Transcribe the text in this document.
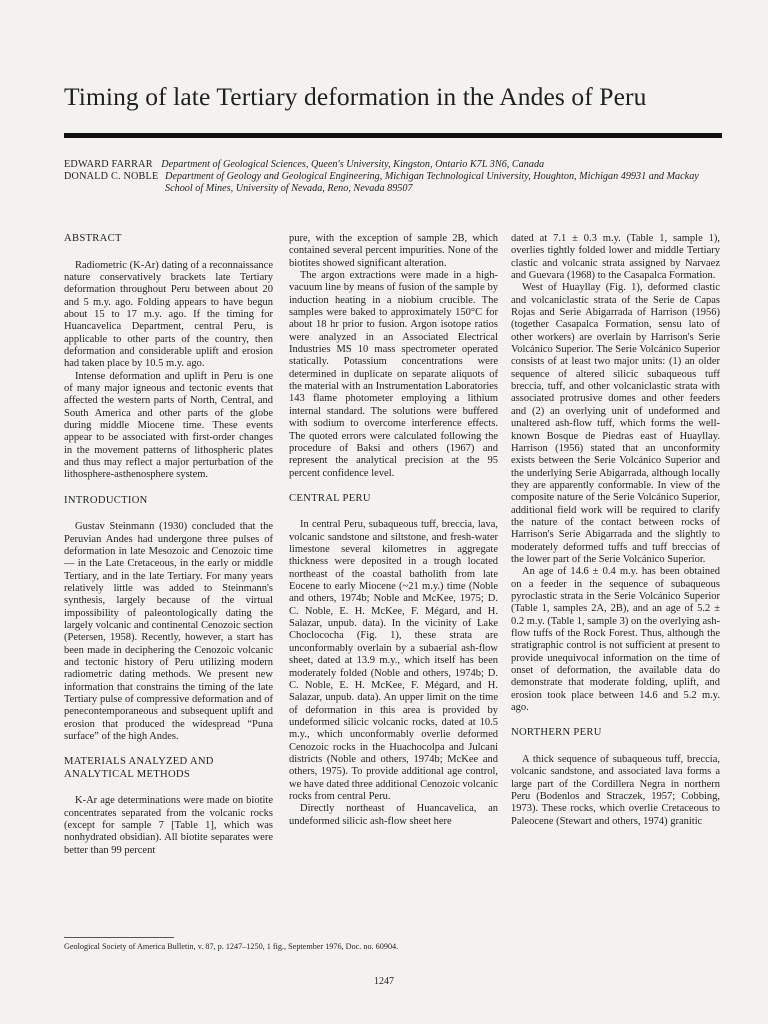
Timing of late Tertiary deformation in the Andes of Peru

EDWARD FARRAR Department of Geological Sciences, Queen's University, Kingston, Ontario K7L 3N6, Canada

DONALD C. NOBLE Department of Geology and Geological Engineering, Michigan Technological University, Houghton, Michigan 49931 and Mackay School of Mines, University of Nevada, Reno, Nevada 89507

ABSTRACT

Radiometric (K-Ar) dating of a reconnaissance nature conservatively brackets late Tertiary deformation throughout Peru between about 20 and 5 m.y. ago. Folding appears to have begun about 15 to 17 m.y. ago. If the timing for Huancavelica Department, central Peru, is applicable to other parts of the country, then deformation and considerable uplift and erosion had taken place by 10.5 m.y. ago.

Intense deformation and uplift in Peru is one of many major igneous and tectonic events that affected the western parts of North, Central, and South America and other parts of the globe during middle Miocene time. These events appear to be associated with first-order changes in the movement patterns of lithospheric plates and thus may reflect a major perturbation of the lithosphere-asthenosphere system.

INTRODUCTION

Gustav Steinmann (1930) concluded that the Peruvian Andes had undergone three pulses of deformation in late Mesozoic and Cenozoic time — in the Late Cretaceous, in the early or middle Tertiary, and in the late Tertiary. For many years relatively little was added to Steinmann's synthesis, largely because of the virtual impossibility of paleontologically dating the largely volcanic and continental Cenozoic section (Petersen, 1958). Recently, however, a start has been made in deciphering the Cenozoic volcanic and tectonic history of Peru utilizing modern radiometric dating methods. We present new information that constrains the timing of the late Tertiary pulse of compressive deformation and of penecontemporaneous and subsequent uplift and erosion that produced the widespread “Puna surface” of the high Andes.

MATERIALS ANALYZED AND ANALYTICAL METHODS

K-Ar age determinations were made on biotite concentrates separated from the volcanic rocks (except for sample 7 [Table 1], which was nonhydrated obsidian). All biotite separates were better than 99 percent

pure, with the exception of sample 2B, which contained several percent impurities. None of the biotites showed significant alteration.

The argon extractions were made in a high-vacuum line by means of fusion of the sample by induction heating in a niobium crucible. The samples were baked to approximately 150°C for about 18 hr prior to fusion. Argon isotope ratios were analyzed in an Associated Electrical Industries MS 10 mass spectrometer operated statically. Potassium concentrations were determined in duplicate on separate aliquots of the material with an Instrumentation Laboratories 143 flame photometer employing a lithium internal standard. The solutions were buffered with sodium to overcome interference effects. The quoted errors were calculated following the procedure of Baksi and others (1967) and represent the analytical precision at the 95 percent confidence level.

CENTRAL PERU

In central Peru, subaqueous tuff, breccia, lava, volcanic sandstone and siltstone, and fresh-water limestone several kilometres in aggregate thickness were deposited in a trough located northeast of the coastal batholith from late Eocene to early Miocene (~21 m.y.) time (Noble and others, 1974b; Noble and McKee, 1975; D. C. Noble, E. H. McKee, F. Mégard, and H. Salazar, unpub. data). In the vicinity of Lake Choclococha (Fig. 1), these strata are unconformably overlain by a subaerial ash-flow sheet, dated at 13.9 m.y., which itself has been moderately folded (Noble and others, 1974b; D. C. Noble, E. H. McKee, F. Mégard, and H. Salazar, unpub. data). An upper limit on the time of deformation in this area is provided by undeformed silicic volcanic rocks, dated at 10.5 m.y., which unconformably overlie deformed Cenozoic rocks in the Huachocolpa and Julcani districts (Noble and others, 1974b; McKee and others, 1975). To provide additional age control, we have dated three additional Cenozoic volcanic rocks from central Peru.

Directly northeast of Huancavelica, an undeformed silicic ash-flow sheet here

dated at 7.1 ± 0.3 m.y. (Table 1, sample 1), overlies tightly folded lower and middle Tertiary clastic and volcanic strata assigned by Narvaez and Guevara (1968) to the Casapalca Formation.

West of Huayllay (Fig. 1), deformed clastic and volcaniclastic strata of the Serie de Capas Rojas and Serie Abigarrada of Harrison (1956) (together Casapalca Formation, sensu lato of other workers) are overlain by Harrison's Serie Volcánico Superior. The Serie Volcánico Superior consists of at least two major units: (1) an older sequence of altered silicic subaqueous tuff breccia, tuff, and other volcaniclastic strata with associated protrusive domes and other feeders and (2) an overlying unit of undeformed and unaltered ash-flow tuff, which forms the well-known Bosque de Piedras east of Huayllay. Harrison (1956) stated that an unconformity exists between the Serie Volcánico Superior and the underlying Serie Abigarrada, although locally they are apparently conformable. In view of the composite nature of the Serie Volcánico Superior, additional field work will be required to clarify the nature of the contact between rocks of Harrison's Serie Abigarrada and the slightly to moderately deformed tuffs and tuff breccias of the lower part of the Serie Volcánico Superior.

An age of 14.6 ± 0.4 m.y. has been obtained on a feeder in the sequence of subaqueous pyroclastic strata in the Serie Volcánico Superior (Table 1, samples 2A, 2B), and an age of 5.2 ± 0.2 m.y. (Table 1, sample 3) on the overlying ash-flow tuffs of the Rock Forest. Thus, although the stratigraphic control is not sufficient at present to provide unequivocal information on the time of onset of deformation, the available data do demonstrate that moderate folding, uplift, and erosion took place between 14.6 and 5.2 m.y. ago.

NORTHERN PERU

A thick sequence of subaqueous tuff, breccia, volcanic sandstone, and associated lava forms a large part of the Cordillera Negra in northern Peru (Bodenlos and Straczek, 1957; Cobbing, 1973). These rocks, which overlie Cretaceous to Paleocene (Stewart and others, 1974) granitic

Geological Society of America Bulletin, v. 87, p. 1247–1250, 1 fig., September 1976, Doc. no. 60904.
1247
